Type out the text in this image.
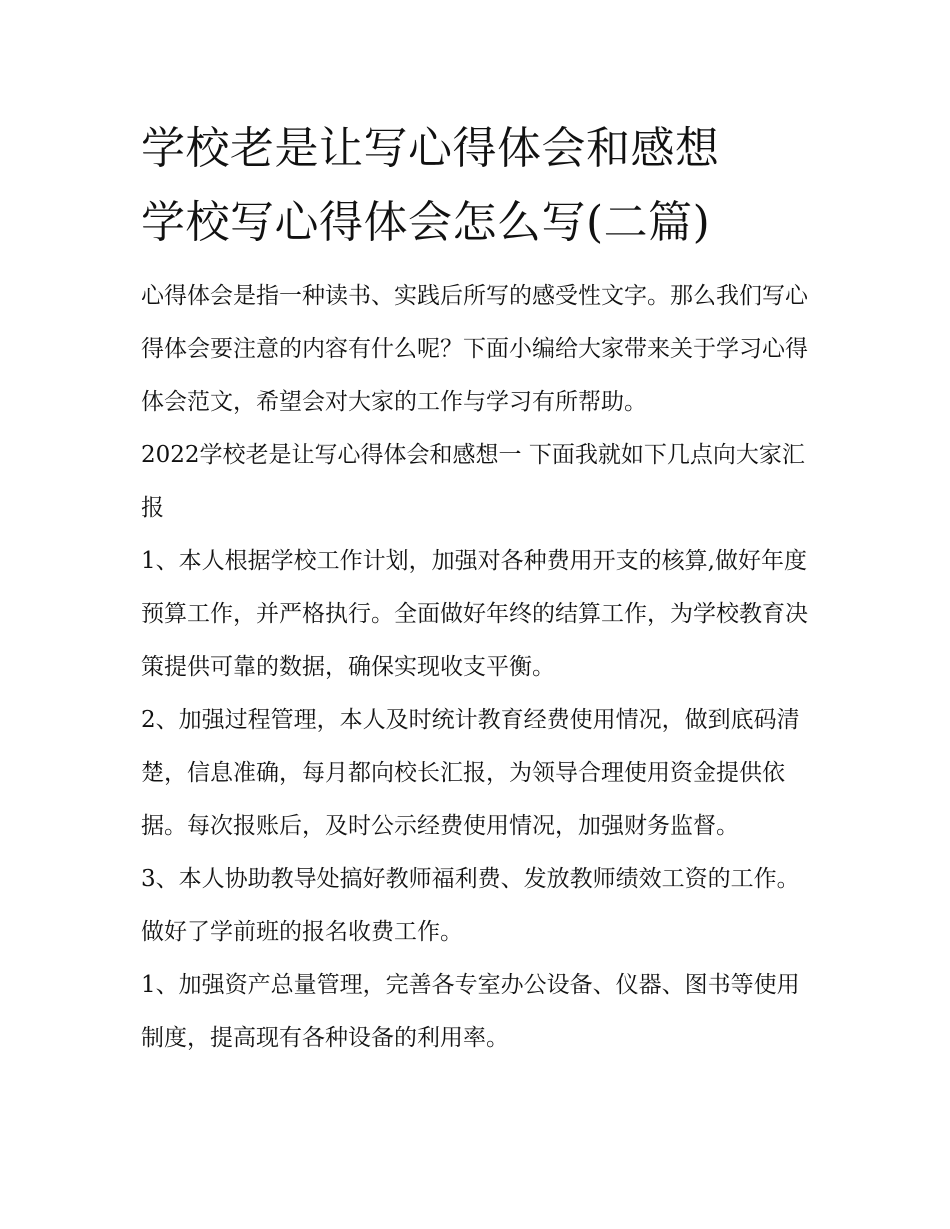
学校老是让写心得体会和感想
学校写心得体会怎么写(二篇)

心得体会是指一种读书、实践后所写的感受性文字。那么我们写心得体会要注意的内容有什么呢？下面小编给大家带来关于学习心得体会范文，希望会对大家的工作与学习有所帮助。

2022学校老是让写心得体会和感想一 下面我就如下几点向大家汇报

1、本人根据学校工作计划，加强对各种费用开支的核算,做好年度预算工作，并严格执行。全面做好年终的结算工作，为学校教育决策提供可靠的数据，确保实现收支平衡。

2、加强过程管理，本人及时统计教育经费使用情况，做到底码清楚，信息准确，每月都向校长汇报，为领导合理使用资金提供依据。每次报账后，及时公示经费使用情况，加强财务监督。

3、本人协助教导处搞好教师福利费、发放教师绩效工资的工作。做好了学前班的报名收费工作。

1、加强资产总量管理，完善各专室办公设备、仪器、图书等使用制度，提高现有各种设备的利用率。
